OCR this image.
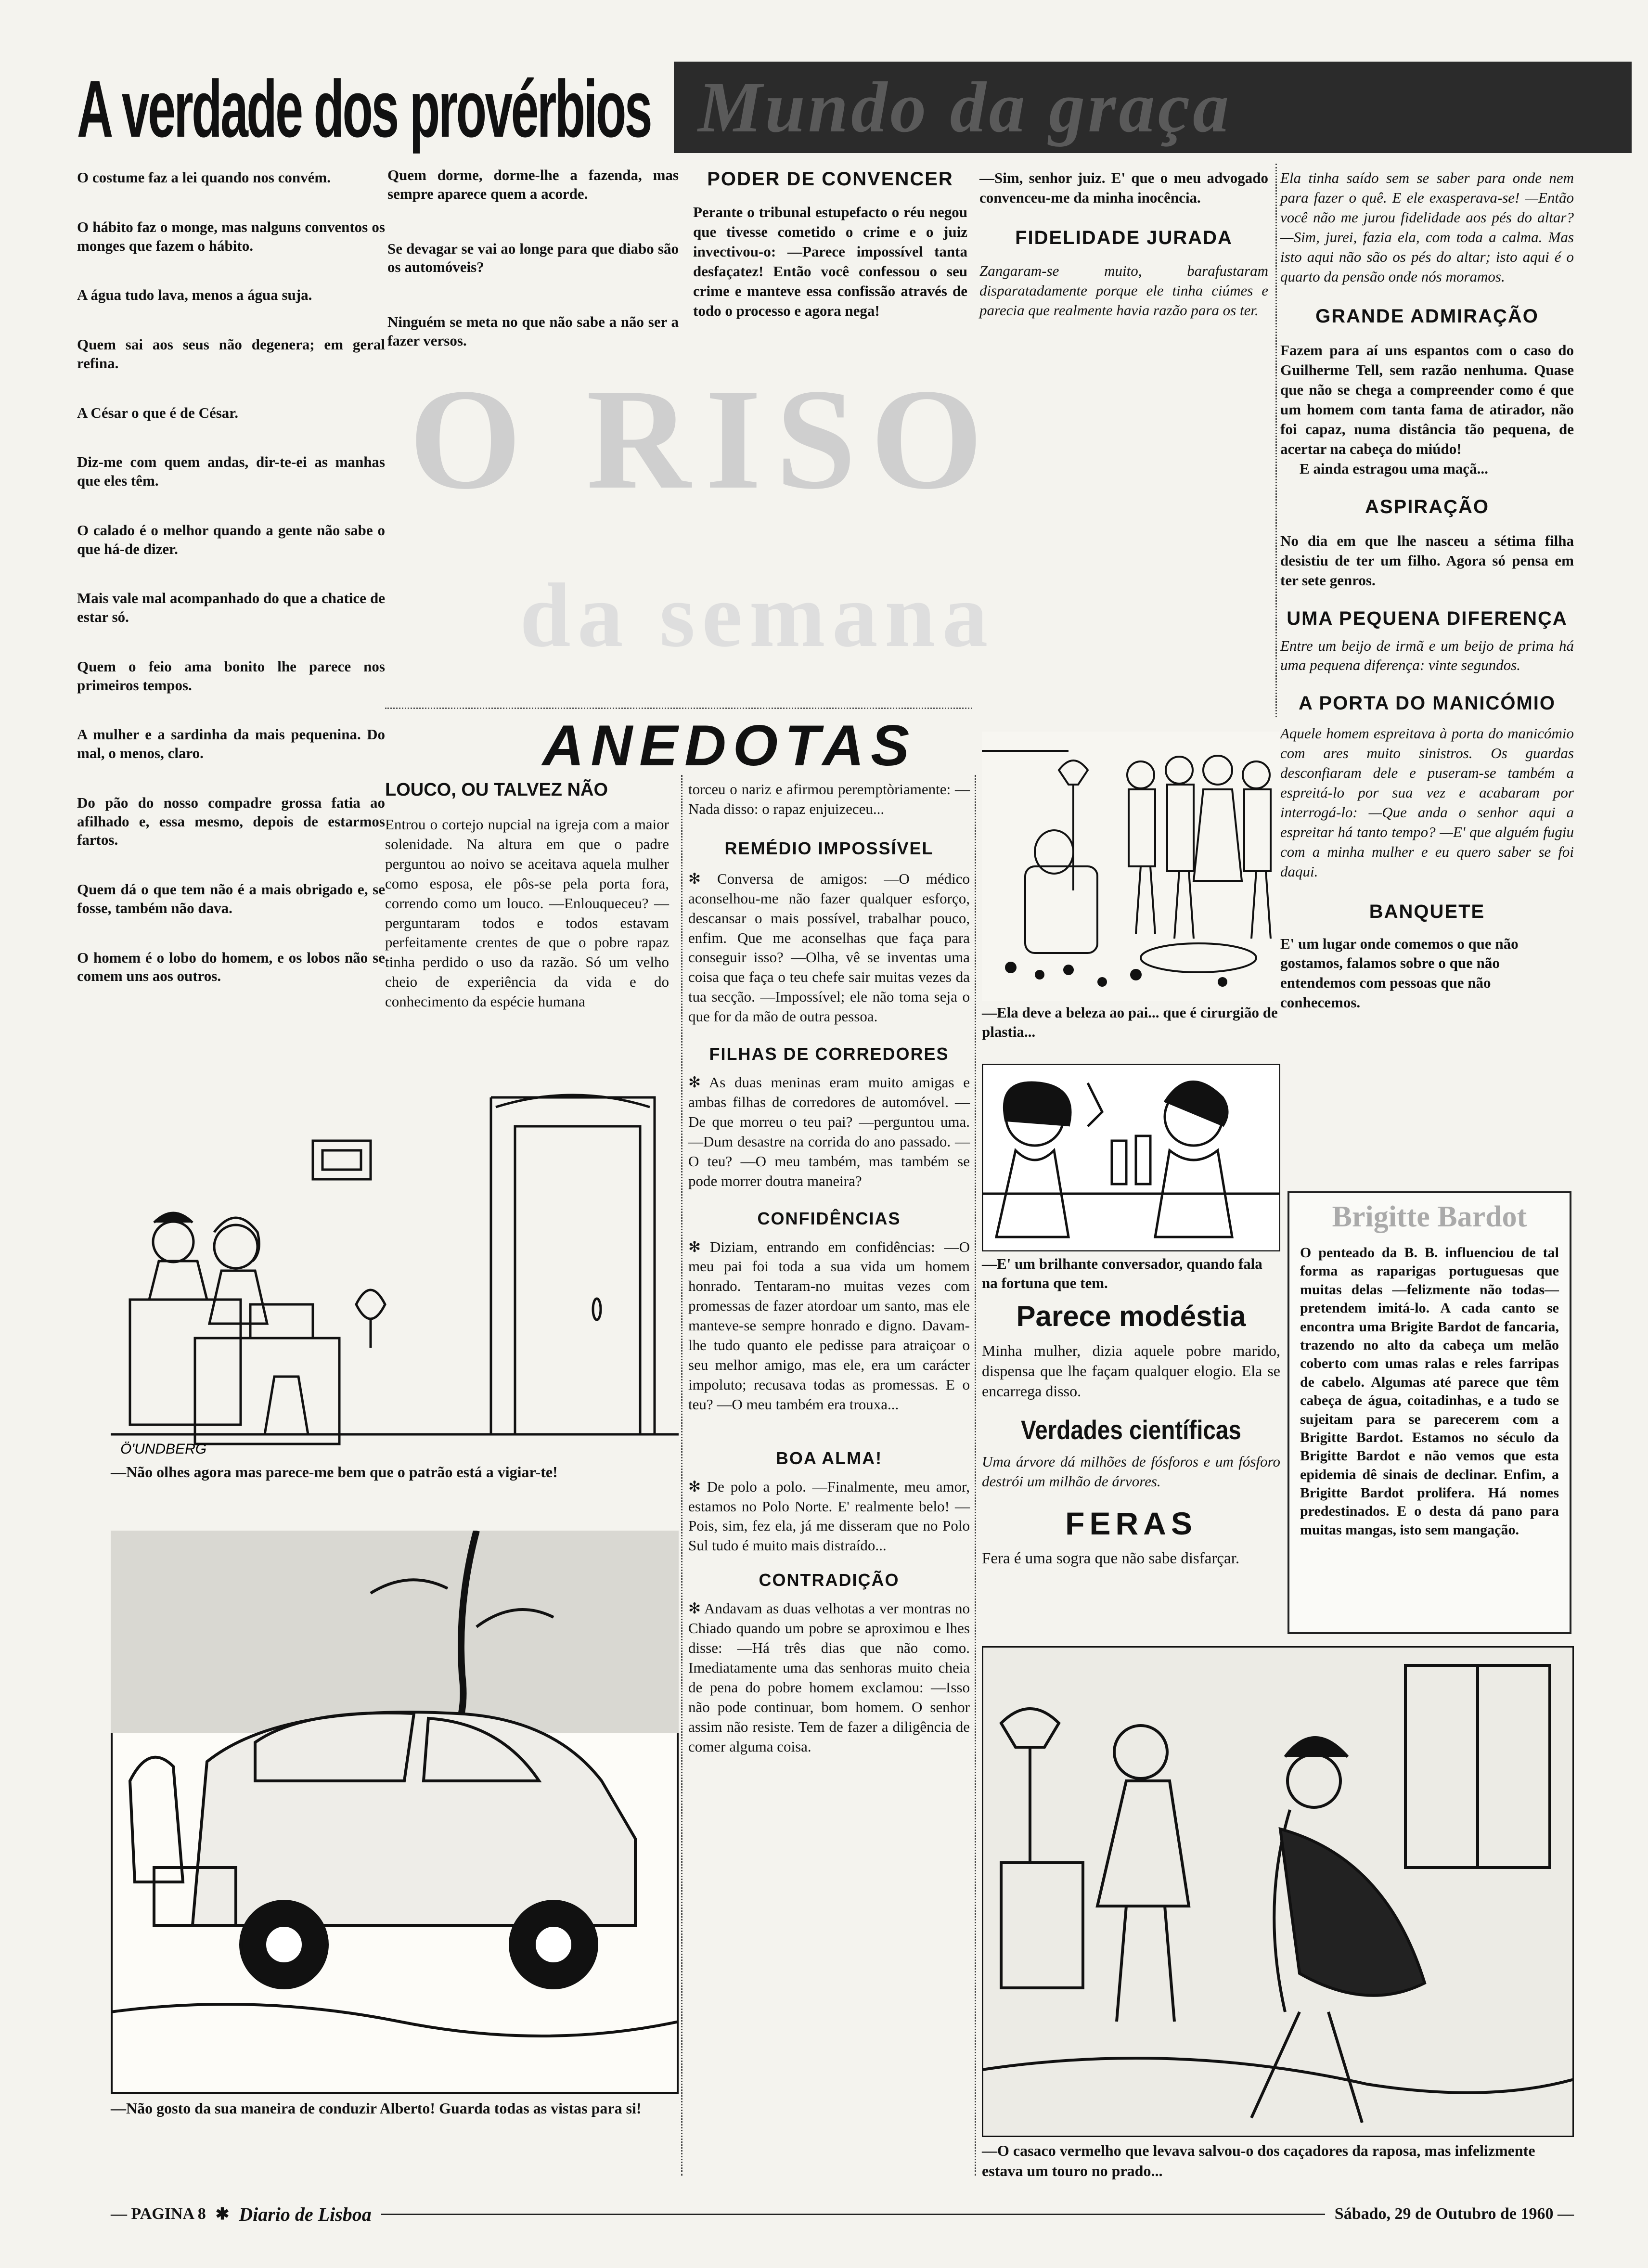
A verdade dos provérbios Mundo da graça

O costume faz a lei quando nos convém.

O hábito faz o monge, mas nalguns conventos os monges que fazem o hábito.

A água tudo lava, menos a água suja.

Quem sai aos seus não degenera; em geral refina.

A César o que é de César.

Diz-me com quem andas, dir-te-ei as manhas que eles têm.

O calado é o melhor quando a gente não sabe o que há-de dizer.

Mais vale mal acompanhado do que a chatice de estar só.

Quem o feio ama bonito lhe parece nos primeiros tempos.

A mulher e a sardinha da mais pequenina. Do mal, o menos, claro.

Do pão do nosso compadre grossa fatia ao afilhado e, essa mesmo, depois de estarmos fartos.

Quem dá o que tem não é a mais obrigado e, se fosse, também não dava.

O homem é o lobo do homem, e os lobos não se comem uns aos outros.

Quem dorme, dorme-lhe a fazenda, mas sempre aparece quem a acorde.

Se devagar se vai ao longe para que diabo são os automóveis?

Ninguém se meta no que não sabe a não ser a fazer versos.

O RISO
da semana
PODER DE CONVENCER

Perante o tribunal estupefacto o réu negou que tivesse cometido o crime e o juiz invectivou-o: —Parece impossível tanta desfaçatez! Então você confessou o seu crime e manteve essa confissão através de todo o processo e agora nega!

—Sim, senhor juiz. E' que o meu advogado convenceu-me da minha inocência.

FIDELIDADE JURADA

Zangaram-se muito, barafustaram disparatadamente porque ele tinha ciúmes e parecia que realmente havia razão para os ter.

Ela tinha saído sem se saber para onde nem para fazer o quê. E ele exasperava-se! —Então você não me jurou fidelidade aos pés do altar? —Sim, jurei, fazia ela, com toda a calma. Mas isto aqui não são os pés do altar; isto aqui é o quarto da pensão onde nós moramos.

GRANDE ADMIRAÇÃO

Fazem para aí uns espantos com o caso do Guilherme Tell, sem razão nenhuma. Quase que não se chega a compreender como é que um homem com tanta fama de atirador, não foi capaz, numa distância tão pequena, de acertar na cabeça do miúdo!

E ainda estragou uma maçã...

ASPIRAÇÃO

No dia em que lhe nasceu a sétima filha desistiu de ter um filho. Agora só pensa em ter sete genros.

UMA PEQUENA DIFERENÇA

Entre um beijo de irmã e um beijo de prima há uma pequena diferença: vinte segundos.

A PORTA DO MANICÓMIO

Aquele homem espreitava à porta do manicómio com ares muito sinistros. Os guardas desconfiaram dele e puseram-se também a espreitá-lo por sua vez e acabaram por interrogá-lo: —Que anda o senhor aqui a espreitar há tanto tempo? —E' que alguém fugiu com a minha mulher e eu quero saber se foi daqui.

BANQUETE

E' um lugar onde comemos o que não gostamos, falamos sobre o que não entendemos com pessoas que não conhecemos.

Brigitte Bardot

O penteado da B. B. influenciou de tal forma as raparigas portuguesas que muitas delas —felizmente não todas— pretendem imitá-lo. A cada canto se encontra uma Brigite Bardot de fancaria, trazendo no alto da cabeça um melão coberto com umas ralas e reles farripas de cabelo. Algumas até parece que têm cabeça de água, coitadinhas, e a tudo se sujeitam para se parecerem com a Brigitte Bardot. Estamos no século da Brigitte Bardot e não vemos que esta epidemia dê sinais de declinar. Enfim, a Brigitte Bardot prolifera. Há nomes predestinados. E o desta dá pano para muitas mangas, isto sem mangação.

ANEDOTAS
LOUCO, OU TALVEZ NÃO

Entrou o cortejo nupcial na igreja com a maior solenidade. Na altura em que o padre perguntou ao noivo se aceitava aquela mulher como esposa, ele pôs-se pela porta fora, correndo como um louco. —Enlouqueceu? — perguntaram todos e todos estavam perfeitamente crentes de que o pobre rapaz tinha perdido o uso da razão. Só um velho cheio de experiência da vida e do conhecimento da espécie humana

torceu o nariz e afirmou peremptòriamente: —Nada disso: o rapaz enjuizeceu...

REMÉDIO IMPOSSÍVEL

✻ Conversa de amigos: —O médico aconselhou-me não fazer qualquer esforço, descansar o mais possível, trabalhar pouco, enfim. Que me aconselhas que faça para conseguir isso? —Olha, vê se inventas uma coisa que faça o teu chefe sair muitas vezes da tua secção. —Impossível; ele não toma seja o que for da mão de outra pessoa.

FILHAS DE CORREDORES

✻ As duas meninas eram muito amigas e ambas filhas de corredores de automóvel. —De que morreu o teu pai? —perguntou uma. —Dum desastre na corrida do ano passado. —O teu? —O meu também, mas também se pode morrer doutra maneira?

CONFIDÊNCIAS

✻ Diziam, entrando em confidências: —O meu pai foi toda a sua vida um homem honrado. Tentaram-no muitas vezes com promessas de fazer atordoar um santo, mas ele manteve-se sempre honrado e digno. Davam-lhe tudo quanto ele pedisse para atraiçoar o seu melhor amigo, mas ele, era um carácter impoluto; recusava todas as promessas. E o teu? —O meu também era trouxa...

BOA ALMA!

✻ De polo a polo. —Finalmente, meu amor, estamos no Polo Norte. E' realmente belo! —Pois, sim, fez ela, já me disseram que no Polo Sul tudo é muito mais distraído...

CONTRADIÇÃO

✻ Andavam as duas velhotas a ver montras no Chiado quando um pobre se aproximou e lhes disse: —Há três dias que não como. Imediatamente uma das senhoras muito cheia de pena do pobre homem exclamou: —Isso não pode continuar, bom homem. O senhor assim não resiste. Tem de fazer a diligência de comer alguma coisa.

Parece modéstia

Minha mulher, dizia aquele pobre marido, dispensa que lhe façam qualquer elogio. Ela se encarrega disso.

Verdades científicas

Uma árvore dá milhões de fósforos e um fósforo destrói um milhão de árvores.

FERAS

Fera é uma sogra que não sabe disfarçar.

—Ela deve a beleza ao pai... que é cirurgião de plastia...

—E' um brilhante conversador, quando fala na fortuna que tem.

Ö'UNDBERG

—Não olhes agora mas parece-me bem que o patrão está a vigiar-te!

—Não gosto da sua maneira de conduzir Alberto! Guarda todas as vistas para si!

—O casaco vermelho que levava salvou-o dos caçadores da raposa, mas infelizmente estava um touro no prado...

— PAGINA 8 ✱ Diario de Lisboa	Sábado, 29 de Outubro de 1960 —
